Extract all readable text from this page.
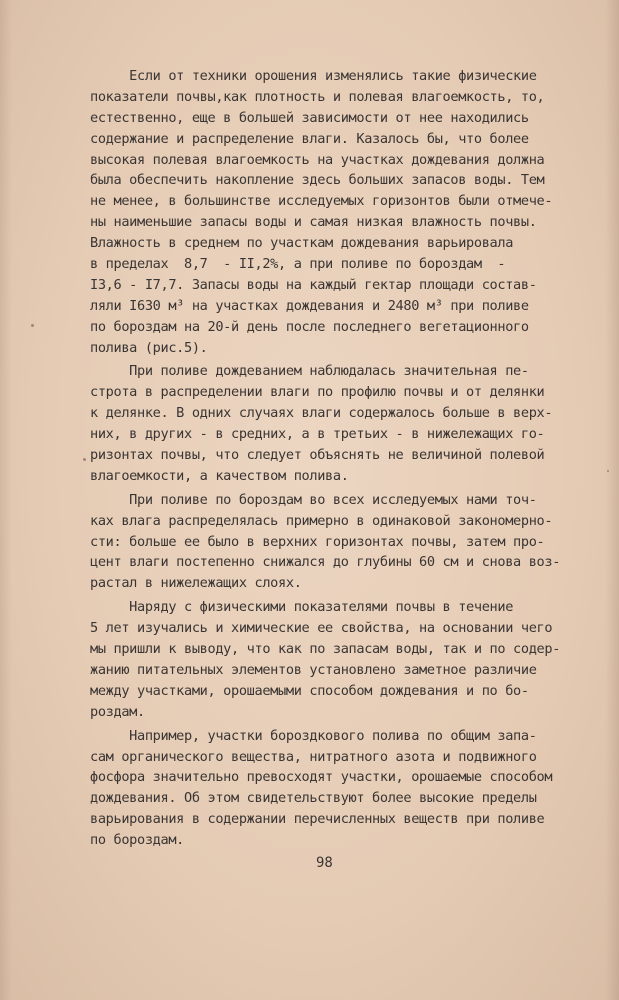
Если от техники орошения изменялись такие физические
показатели почвы,как плотность и полевая влагоемкость, то,
естественно, еще в большей зависимости от нее находились
содержание и распределение влаги. Казалось бы, что более
высокая полевая влагоемкость на участках дождевания должна
была обеспечить накопление здесь больших запасов воды. Тем
не менее, в большинстве исследуемых горизонтов были отмече-
ны наименьшие запасы воды и самая низкая влажность почвы.
Влажность в среднем по участкам дождевания варьировала
в пределах  8,7  - II,2%, а при поливе по бороздам  -
I3,6 - I7,7. Запасы воды на каждый гектар площади состав-
ляли I630 м³ на участках дождевания и 2480 м³ при поливе
по бороздам на 20-й день после последнего вегетационного
полива (рис.5).
При поливе дождеванием наблюдалась значительная пе-
строта в распределении влаги по профилю почвы и от делянки
к делянке. В одних случаях влаги содержалось больше в верх-
них, в других - в средних, а в третьих - в нижележащих го-
ризонтах почвы, что следует объяснять не величиной полевой
влагоемкости, а качеством полива.
При поливе по бороздам во всех исследуемых нами точ-
ках влага распределялась примерно в одинаковой закономерно-
сти: больше ее было в верхних горизонтах почвы, затем про-
цент влаги постепенно снижался до глубины 60 см и снова воз-
растал в нижележащих слоях.
Наряду с физическими показателями почвы в течение
5 лет изучались и химические ее свойства, на основании чего
мы пришли к выводу, что как по запасам воды, так и по содер-
жанию питательных элементов установлено заметное различие
между участками, орошаемыми способом дождевания и по бо-
роздам.
Например, участки бороздкового полива по общим запа-
сам органического вещества, нитратного азота и подвижного
фосфора значительно превосходят участки, орошаемые способом
дождевания. Об этом свидетельствуют более высокие пределы
варьирования в содержании перечисленных веществ при поливе
по бороздам.
98
